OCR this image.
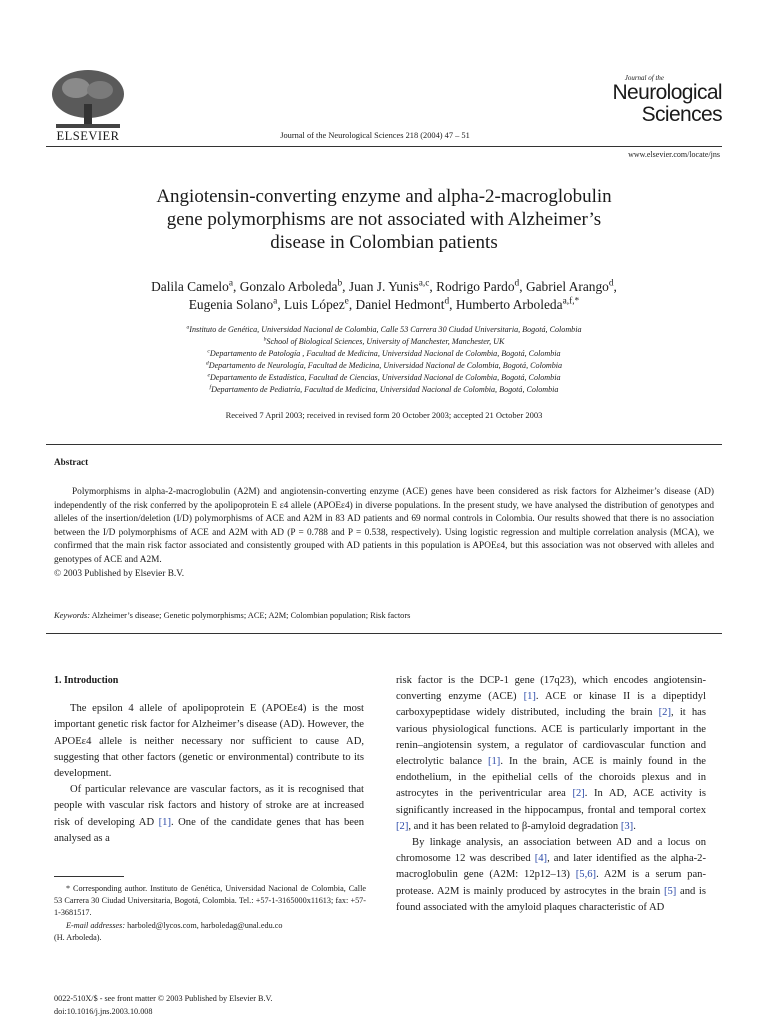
ELSEVIER	Journal of the Neurological Sciences 218 (2004) 47 – 51
Journal of the
Neurological
Sciences
www.elsevier.com/locate/jns
Angiotensin-converting enzyme and alpha-2-macroglobulin
gene polymorphisms are not associated with Alzheimer’s
disease in Colombian patients
Dalila Camelo$^a$, Gonzalo Arboleda$^b$, Juan J. Yunis$^{a,c}$, Rodrigo Pardo$^d$, Gabriel Arango$^d$,
Eugenia Solano$^a$, Luis López$^e$, Daniel Hedmont$^d$, Humberto Arboleda$^{a,f,*}$
$^a$Instituto de Genética, Universidad Nacional de Colombia, Calle 53 Carrera 30 Ciudad Universitaria, Bogotá, Colombia
$^b$School of Biological Sciences, University of Manchester, Manchester, UK
$^c$Departamento de Patología , Facultad de Medicina, Universidad Nacional de Colombia, Bogotá, Colombia
$^d$Departamento de Neurología, Facultad de Medicina, Universidad Nacional de Colombia, Bogotá, Colombia
$^e$Departamento de Estadística, Facultad de Ciencias, Universidad Nacional de Colombia, Bogotá, Colombia
$^f$Departamento de Pediatría, Facultad de Medicina, Universidad Nacional de Colombia, Bogotá, Colombia
Received 7 April 2003; received in revised form 20 October 2003; accepted 21 October 2003
Abstract

Polymorphisms in alpha-2-macroglobulin (A2M) and angiotensin-converting enzyme (ACE) genes have been considered as risk factors for Alzheimer’s disease (AD) independently of the risk conferred by the apolipoprotein E ε4 allele (APOEε4) in diverse populations. In the present study, we have analysed the distribution of genotypes and alleles of the insertion/deletion (I/D) polymorphisms of ACE and A2M in 83 AD patients and 69 normal controls in Colombia. Our results showed that there is no association between the I/D polymorphisms of ACE and A2M with AD (P = 0.788 and P = 0.538, respectively). Using logistic regression and multiple correlation analysis (MCA), we confirmed that the main risk factor associated and consistently grouped with AD patients in this population is APOEε4, but this association was not observed with alleles and genotypes of ACE and A2M.

© 2003 Published by Elsevier B.V.

Keywords: Alzheimer’s disease; Genetic polymorphisms; ACE; A2M; Colombian population; Risk factors

1. Introduction

The epsilon 4 allele of apolipoprotein E (APOEε4) is the most important genetic risk factor for Alzheimer’s disease (AD). However, the APOEε4 allele is neither necessary nor sufficient to cause AD, suggesting that other factors (genetic or environmental) contribute to its development.

Of particular relevance are vascular factors, as it is recognised that people with vascular risk factors and history of stroke are at increased risk of developing AD [1]. One of the candidate genes that has been analysed as a

risk factor is the DCP-1 gene (17q23), which encodes angiotensin-converting enzyme (ACE) [1]. ACE or kinase II is a dipeptidyl carboxypeptidase widely distributed, including the brain [2], it has various physiological functions. ACE is particularly important in the renin–angiotensin system, a regulator of cardiovascular function and electrolytic balance [1]. In the brain, ACE is mainly found in the endothelium, in the epithelial cells of the choroids plexus and in astrocytes in the periventricular area [2]. In AD, ACE activity is significantly increased in the hippocampus, frontal and temporal cortex [2], and it has been related to β-amyloid degradation [3].

By linkage analysis, an association between AD and a locus on chromosome 12 was described [4], and later identified as the alpha-2-macroglobulin gene (A2M: 12p12–13) [5,6]. A2M is a serum pan-protease. A2M is mainly produced by astrocytes in the brain [5] and is found associated with the amyloid plaques characteristic of AD

* Corresponding author. Instituto de Genética, Universidad Nacional de Colombia, Calle 53 Carrera 30 Ciudad Universitaria, Bogotá, Colombia. Tel.: +57-1-3165000x11613; fax: +57-1-3681517.

E-mail addresses: harboled@lycos.com, harboledag@unal.edu.co

(H. Arboleda).

0022-510X/$ - see front matter © 2003 Published by Elsevier B.V.
doi:10.1016/j.jns.2003.10.008
